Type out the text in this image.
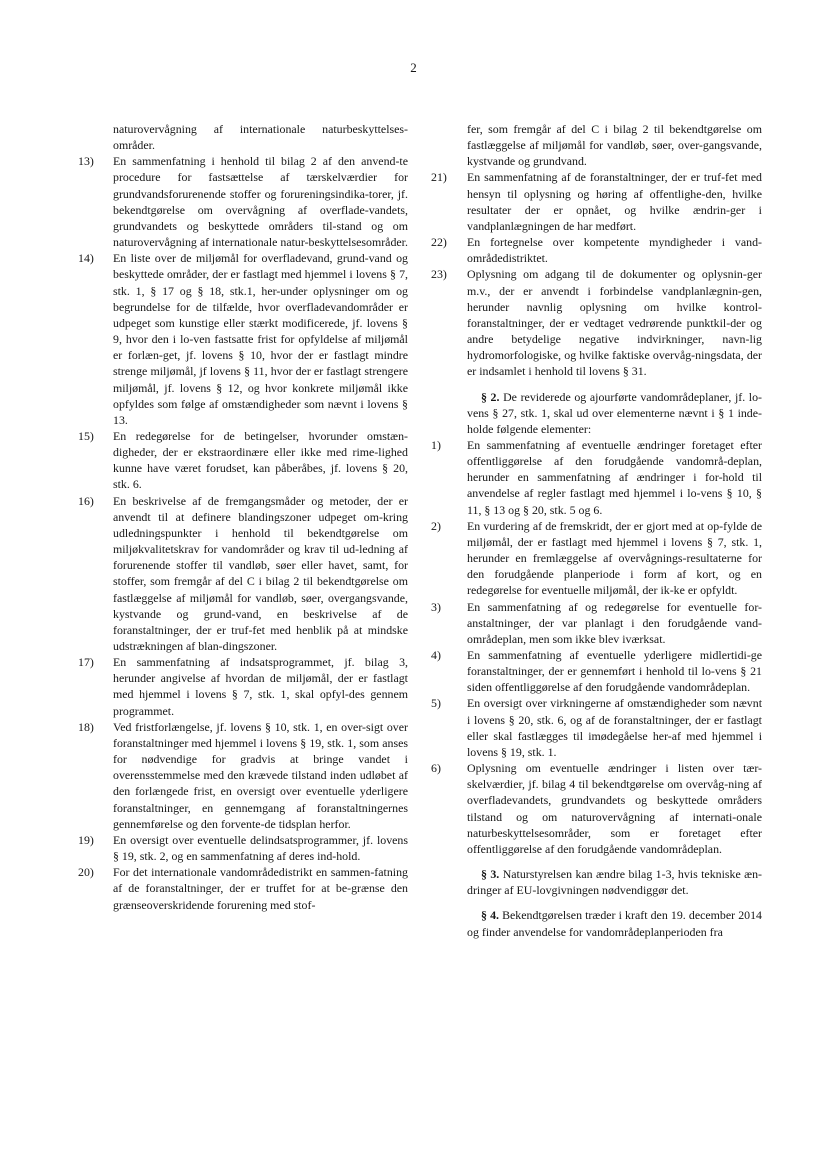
2

naturovervågning af internationale naturbeskyttelses-områder.

13)	En sammenfatning i henhold til bilag 2 af den anvend-te procedure for fastsættelse af tærskelværdier for grundvandsforurenende stoffer og forureningsindika-torer, jf. bekendtgørelse om overvågning af overflade-vandets, grundvandets og beskyttede områders til-stand og om naturovervågning af internationale natur-beskyttelsesområder.
14)	En liste over de miljømål for overfladevand, grund-vand og beskyttede områder, der er fastlagt med hjemmel i lovens § 7, stk. 1, § 17 og § 18, stk.1, her-under oplysninger om og begrundelse for de tilfælde, hvor overfladevandområder er udpeget som kunstige eller stærkt modificerede, jf. lovens § 9, hvor den i lo-ven fastsatte frist for opfyldelse af miljømål er forlæn-get, jf. lovens § 10, hvor der er fastlagt mindre strenge miljømål, jf lovens § 11, hvor der er fastlagt strengere miljømål, jf. lovens § 12, og hvor konkrete miljømål ikke opfyldes som følge af omstændigheder som nævnt i lovens § 13.
15)	En redegørelse for de betingelser, hvorunder omstæn-digheder, der er ekstraordinære eller ikke med rime-lighed kunne have været forudset, kan påberåbes, jf. lovens § 20, stk. 6.
16)	En beskrivelse af de fremgangsmåder og metoder, der er anvendt til at definere blandingszoner udpeget om-kring udledningspunkter i henhold til bekendtgørelse om miljøkvalitetskrav for vandområder og krav til ud-ledning af forurenende stoffer til vandløb, søer eller havet, samt, for stoffer, som fremgår af del C i bilag 2 til bekendtgørelse om fastlæggelse af miljømål for vandløb, søer, overgangsvande, kystvande og grund-vand, en beskrivelse af de foranstaltninger, der er truf-fet med henblik på at mindske udstrækningen af blan-dingszoner.
17)	En sammenfatning af indsatsprogrammet, jf. bilag 3, herunder angivelse af hvordan de miljømål, der er fastlagt med hjemmel i lovens § 7, stk. 1, skal opfyl-des gennem programmet.
18)	Ved fristforlængelse, jf. lovens § 10, stk. 1, en over-sigt over foranstaltninger med hjemmel i lovens § 19, stk. 1, som anses for nødvendige for gradvis at bringe vandet i overensstemmelse med den krævede tilstand inden udløbet af den forlængede frist, en oversigt over eventuelle yderligere foranstaltninger, en gennemgang af foranstaltningernes gennemførelse og den forvente-de tidsplan herfor.
19)	En oversigt over eventuelle delindsatsprogrammer, jf. lovens § 19, stk. 2, og en sammenfatning af deres ind-hold.
20)	For det internationale vandområdedistrikt en sammen-fatning af de foranstaltninger, der er truffet for at be-grænse den grænseoverskridende forurening med stof-

fer, som fremgår af del C i bilag 2 til bekendtgørelse om fastlæggelse af miljømål for vandløb, søer, over-gangsvande, kystvande og grundvand.

21)	En sammenfatning af de foranstaltninger, der er truf-fet med hensyn til oplysning og høring af offentlighe-den, hvilke resultater der er opnået, og hvilke ændrin-ger i vandplanlægningen de har medført.
22)	En fortegnelse over kompetente myndigheder i vand-områdedistriktet.
23)	Oplysning om adgang til de dokumenter og oplysnin-ger m.v., der er anvendt i forbindelse vandplanlægnin-gen, herunder navnlig oplysning om hvilke kontrol-foranstaltninger, der er vedtaget vedrørende punktkil-der og andre betydelige negative indvirkninger, navn-lig hydromorfologiske, og hvilke faktiske overvåg-ningsdata, der er indsamlet i henhold til lovens § 31.

§ 2. De reviderede og ajourførte vandområdeplaner, jf. lo-vens § 27, stk. 1, skal ud over elementerne nævnt i § 1 inde-holde følgende elementer:

1)	En sammenfatning af eventuelle ændringer foretaget efter offentliggørelse af den forudgående vandområ-deplan, herunder en sammenfatning af ændringer i for-hold til anvendelse af regler fastlagt med hjemmel i lo-vens § 10, § 11, § 13 og § 20, stk. 5 og 6.
2)	En vurdering af de fremskridt, der er gjort med at op-fylde de miljømål, der er fastlagt med hjemmel i lovens § 7, stk. 1, herunder en fremlæggelse af overvågnings-resultaterne for den forudgående planperiode i form af kort, og en redegørelse for eventuelle miljømål, der ik-ke er opfyldt.
3)	En sammenfatning af og redegørelse for eventuelle for-anstaltninger, der var planlagt i den forudgående vand-områdeplan, men som ikke blev iværksat.
4)	En sammenfatning af eventuelle yderligere midlertidi-ge foranstaltninger, der er gennemført i henhold til lo-vens § 21 siden offentliggørelse af den forudgående vandområdeplan.
5)	En oversigt over virkningerne af omstændigheder som nævnt i lovens § 20, stk. 6, og af de foranstaltninger, der er fastlagt eller skal fastlægges til imødegåelse her-af med hjemmel i lovens § 19, stk. 1.
6)	Oplysning om eventuelle ændringer i listen over tær-skelværdier, jf. bilag 4 til bekendtgørelse om overvåg-ning af overfladevandets, grundvandets og beskyttede områders tilstand og om naturovervågning af internati-onale naturbeskyttelsesområder, som er foretaget efter offentliggørelse af den forudgående vandområdeplan.

§ 3. Naturstyrelsen kan ændre bilag 1-3, hvis tekniske æn-dringer af EU-lovgivningen nødvendiggør det.

§ 4. Bekendtgørelsen træder i kraft den 19. december 2014 og finder anvendelse for vandområdeplanperioden fra
